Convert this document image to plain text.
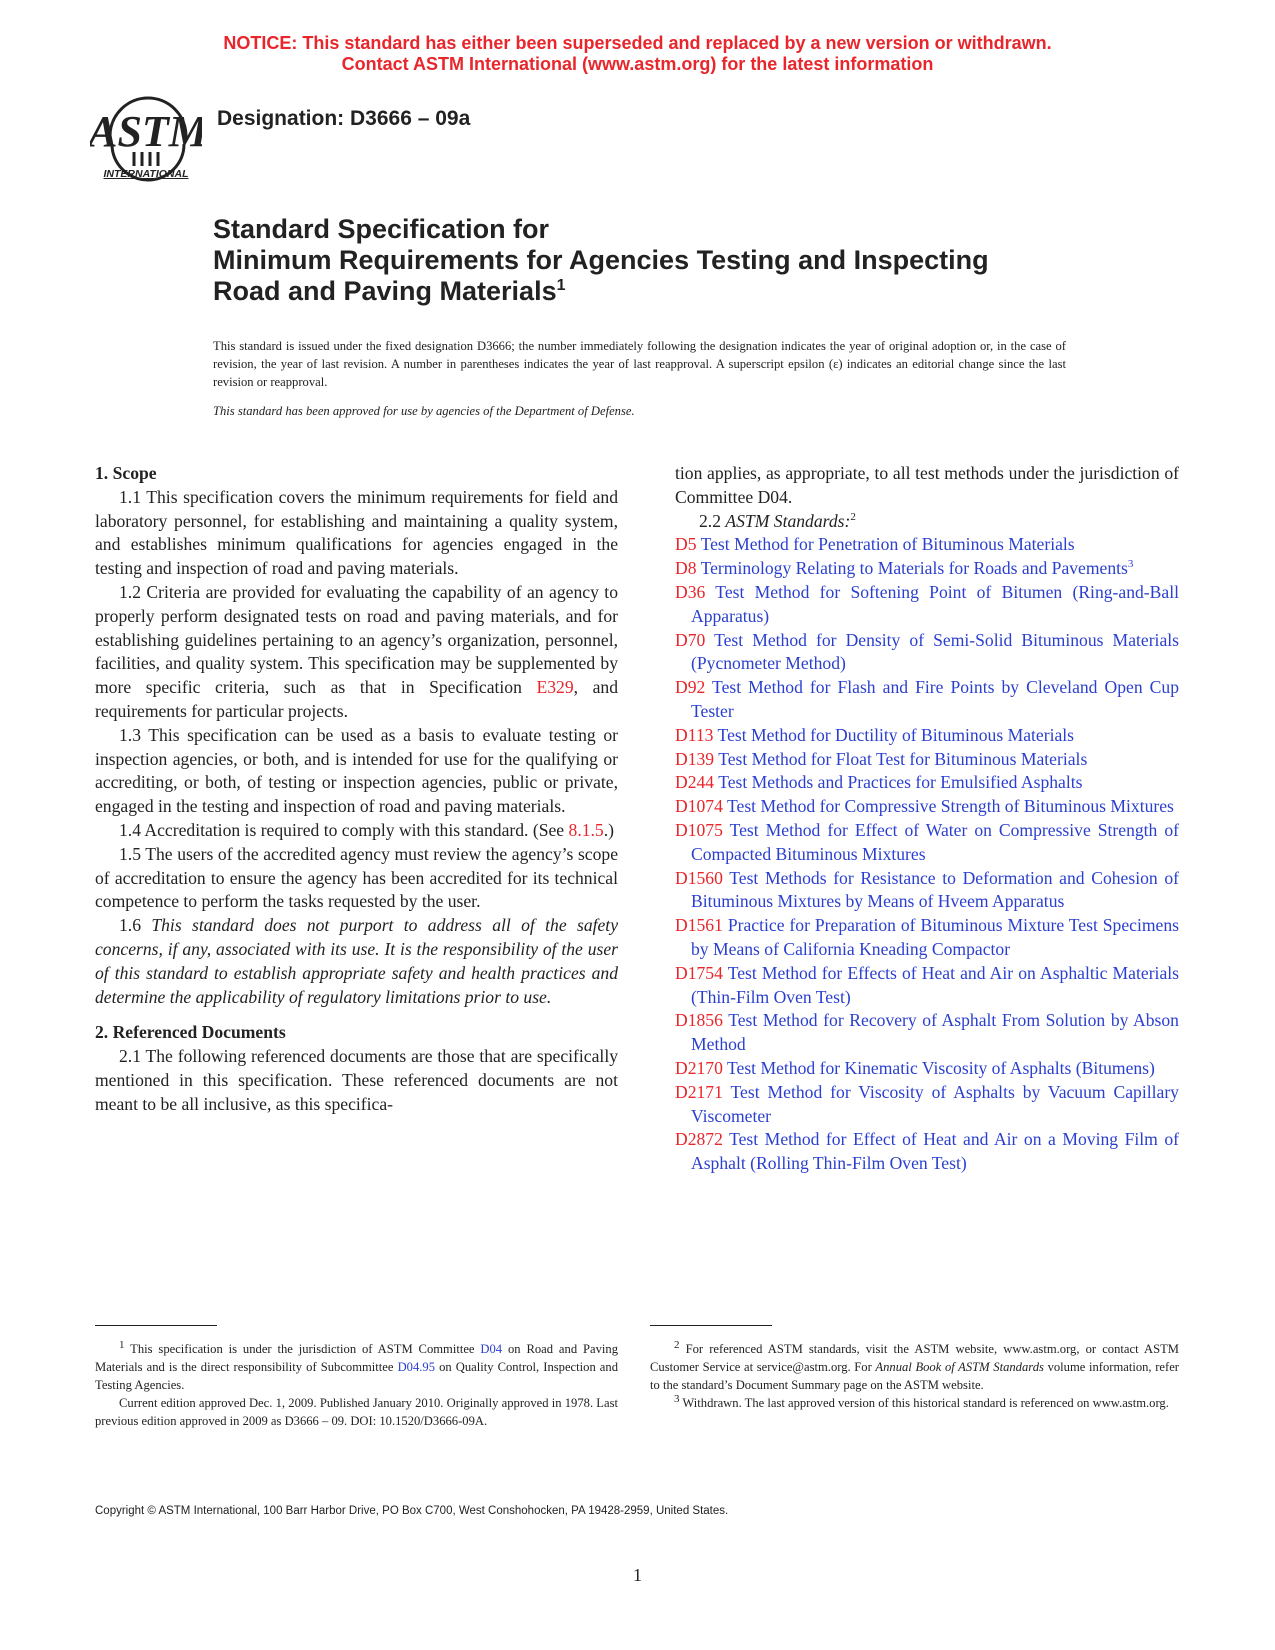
NOTICE: This standard has either been superseded and replaced by a new version or withdrawn.
Contact ASTM International (www.astm.org) for the latest information
ASTM
INTERNATIONAL
Designation: D3666 – 09a
Standard Specification for
Minimum Requirements for Agencies Testing and Inspecting
Road and Paving Materials$^1$
This standard is issued under the fixed designation D3666; the number immediately following the designation indicates the year of original adoption or, in the case of revision, the year of last revision. A number in parentheses indicates the year of last reapproval. A superscript epsilon (ε) indicates an editorial change since the last revision or reapproval.
This standard has been approved for use by agencies of the Department of Defense.

1. Scope

1.1 This specification covers the minimum requirements for field and laboratory personnel, for establishing and maintaining a quality system, and establishes minimum qualifications for agencies engaged in the testing and inspection of road and paving materials.

1.2 Criteria are provided for evaluating the capability of an agency to properly perform designated tests on road and paving materials, and for establishing guidelines pertaining to an agency’s organization, personnel, facilities, and quality system. This specification may be supplemented by more specific criteria, such as that in Specification E329, and requirements for particular projects.

1.3 This specification can be used as a basis to evaluate testing or inspection agencies, or both, and is intended for use for the qualifying or accrediting, or both, of testing or inspection agencies, public or private, engaged in the testing and inspection of road and paving materials.

1.4 Accreditation is required to comply with this standard. (See 8.1.5.)

1.5 The users of the accredited agency must review the agency’s scope of accreditation to ensure the agency has been accredited for its technical competence to perform the tasks requested by the user.

1.6 This standard does not purport to address all of the safety concerns, if any, associated with its use. It is the responsibility of the user of this standard to establish appropriate safety and health practices and determine the applicability of regulatory limitations prior to use.

2. Referenced Documents

2.1 The following referenced documents are those that are specifically mentioned in this specification. These referenced documents are not meant to be all inclusive, as this specifica-

tion applies, as appropriate, to all test methods under the jurisdiction of Committee D04.

2.2 ASTM Standards:$^2$

D5 Test Method for Penetration of Bituminous Materials

D8 Terminology Relating to Materials for Roads and Pavements$^3$

D36 Test Method for Softening Point of Bitumen (Ring-and-Ball Apparatus)

D70 Test Method for Density of Semi-Solid Bituminous Materials (Pycnometer Method)

D92 Test Method for Flash and Fire Points by Cleveland Open Cup Tester

D113 Test Method for Ductility of Bituminous Materials

D139 Test Method for Float Test for Bituminous Materials

D244 Test Methods and Practices for Emulsified Asphalts

D1074 Test Method for Compressive Strength of Bituminous Mixtures

D1075 Test Method for Effect of Water on Compressive Strength of Compacted Bituminous Mixtures

D1560 Test Methods for Resistance to Deformation and Cohesion of Bituminous Mixtures by Means of Hveem Apparatus

D1561 Practice for Preparation of Bituminous Mixture Test Specimens by Means of California Kneading Compactor

D1754 Test Method for Effects of Heat and Air on Asphaltic Materials (Thin-Film Oven Test)

D1856 Test Method for Recovery of Asphalt From Solution by Abson Method

D2170 Test Method for Kinematic Viscosity of Asphalts (Bitumens)

D2171 Test Method for Viscosity of Asphalts by Vacuum Capillary Viscometer

D2872 Test Method for Effect of Heat and Air on a Moving Film of Asphalt (Rolling Thin-Film Oven Test)

$^1$ This specification is under the jurisdiction of ASTM Committee D04 on Road and Paving Materials and is the direct responsibility of Subcommittee D04.95 on Quality Control, Inspection and Testing Agencies.

Current edition approved Dec. 1, 2009. Published January 2010. Originally approved in 1978. Last previous edition approved in 2009 as D3666 – 09. DOI: 10.1520/D3666-09A.

$^2$ For referenced ASTM standards, visit the ASTM website, www.astm.org, or contact ASTM Customer Service at service@astm.org. For Annual Book of ASTM Standards volume information, refer to the standard’s Document Summary page on the ASTM website.

$^3$ Withdrawn. The last approved version of this historical standard is referenced on www.astm.org.

Copyright © ASTM International, 100 Barr Harbor Drive, PO Box C700, West Conshohocken, PA 19428-2959, United States.
1
